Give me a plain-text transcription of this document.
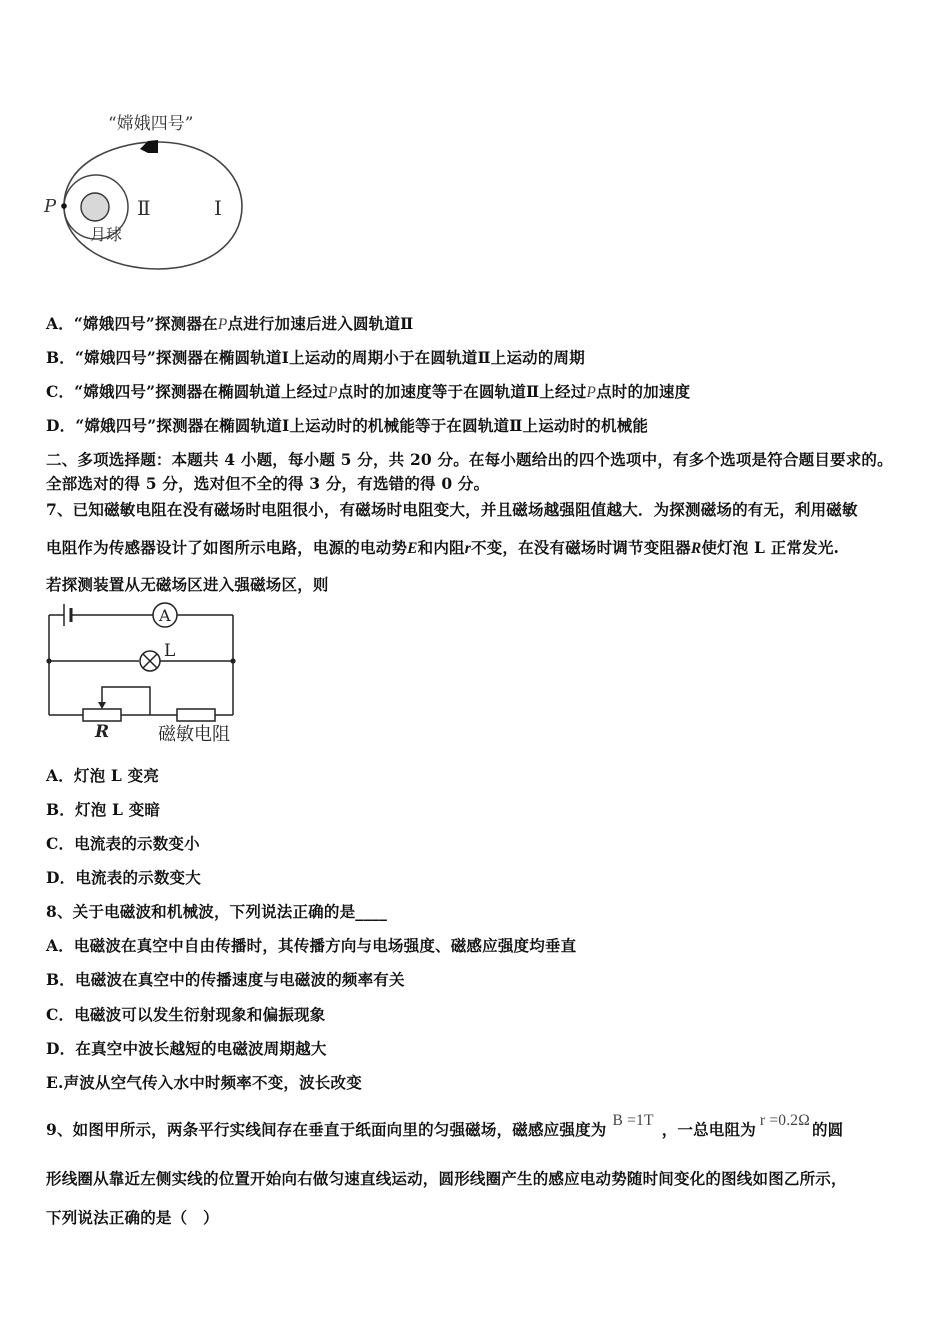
“嫦娥四号”
P	Ⅱ	Ⅰ
月球
A．“嫦娥四号”探测器在P点进行加速后进入圆轨道Ⅱ
B．“嫦娥四号”探测器在椭圆轨道Ⅰ上运动的周期小于在圆轨道Ⅱ上运动的周期
C．“嫦娥四号”探测器在椭圆轨道上经过P点时的加速度等于在圆轨道Ⅱ上经过P点时的加速度
D．“嫦娥四号”探测器在椭圆轨道Ⅰ上运动时的机械能等于在圆轨道Ⅱ上运动时的机械能
二、多项选择题：本题共 4 小题，每小题 5 分，共 20 分。在每小题给出的四个选项中，有多个选项是符合题目要求的。
全部选对的得 5 分，选对但不全的得 3 分，有选错的得 0 分。
7、已知磁敏电阻在没有磁场时电阻很小，有磁场时电阻变大，并且磁场越强阻值越大．为探测磁场的有无，利用磁敏
电阻作为传感器设计了如图所示电路，电源的电动势E和内阻r不变，在没有磁场时调节变阻器R使灯泡 L 正常发光.
若探测装置从无磁场区进入强磁场区，则
A
L
R	磁敏电阻
A．灯泡 L 变亮
B．灯泡 L 变暗
C．电流表的示数变小
D．电流表的示数变大
8、关于电磁波和机械波，下列说法正确的是____
A．电磁波在真空中自由传播时，其传播方向与电场强度、磁感应强度均垂直
B．电磁波在真空中的传播速度与电磁波的频率有关
C．电磁波可以发生衍射现象和偏振现象
D．在真空中波长越短的电磁波周期越大
E.声波从空气传入水中时频率不变，波长改变
9、如图甲所示，两条平行实线间存在垂直于纸面向里的匀强磁场，磁感应强度为 B =1T ，一总电阻为 r =0.2Ω 的圆
形线圈从靠近左侧实线的位置开始向右做匀速直线运动，圆形线圈产生的感应电动势随时间变化的图线如图乙所示，
下列说法正确的是（　）
